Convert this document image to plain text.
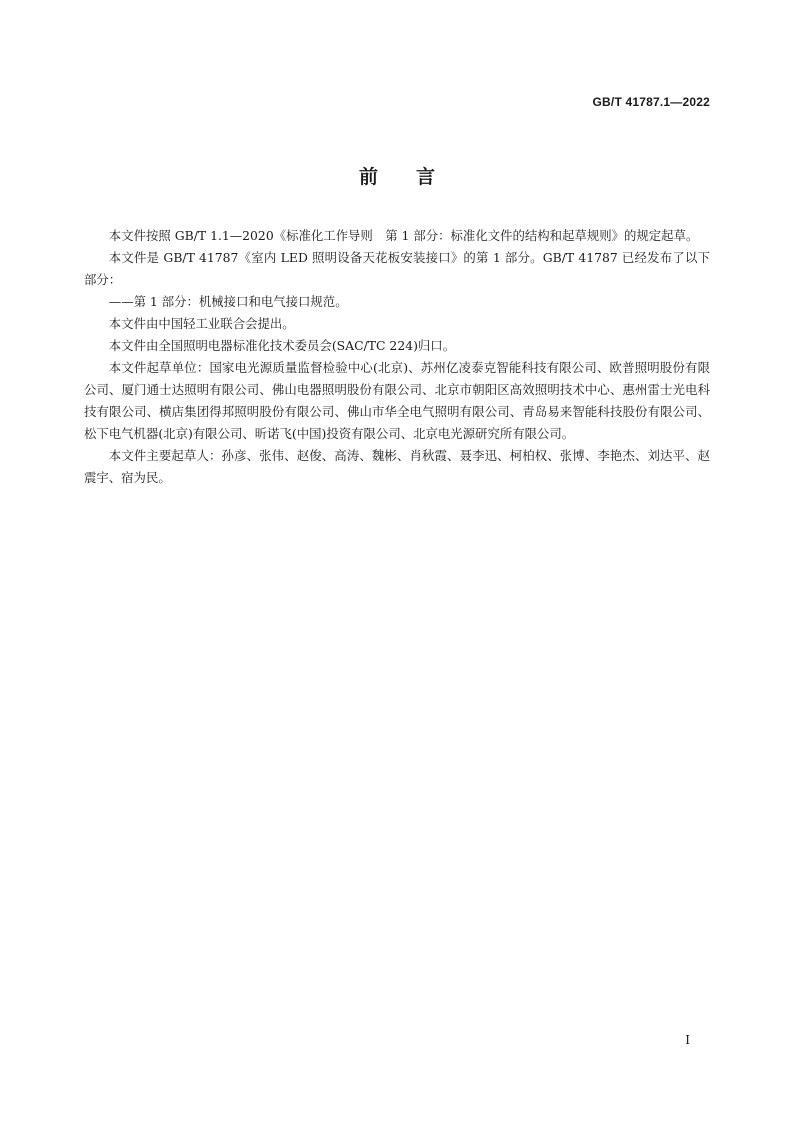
GB/T 41787.1—2022
前 言

本文件按照 GB/T 1.1—2020《标准化工作导则　第 1 部分：标准化文件的结构和起草规则》的规定起草。

本文件是 GB/T 41787《室内 LED 照明设备天花板安装接口》的第 1 部分。GB/T 41787 已经发布了以下部分：

——第 1 部分：机械接口和电气接口规范。

本文件由中国轻工业联合会提出。

本文件由全国照明电器标准化技术委员会(SAC/TC 224)归口。

本文件起草单位：国家电光源质量监督检验中心(北京)、苏州亿凌泰克智能科技有限公司、欧普照明股份有限公司、厦门通士达照明有限公司、佛山电器照明股份有限公司、北京市朝阳区高效照明技术中心、惠州雷士光电科技有限公司、横店集团得邦照明股份有限公司、佛山市华全电气照明有限公司、青岛易来智能科技股份有限公司、松下电气机器(北京)有限公司、昕诺飞(中国)投资有限公司、北京电光源研究所有限公司。

本文件主要起草人：孙彦、张伟、赵俊、高涛、魏彬、肖秋霞、聂李迅、柯柏权、张博、李艳杰、刘达平、赵震宇、宿为民。

I
